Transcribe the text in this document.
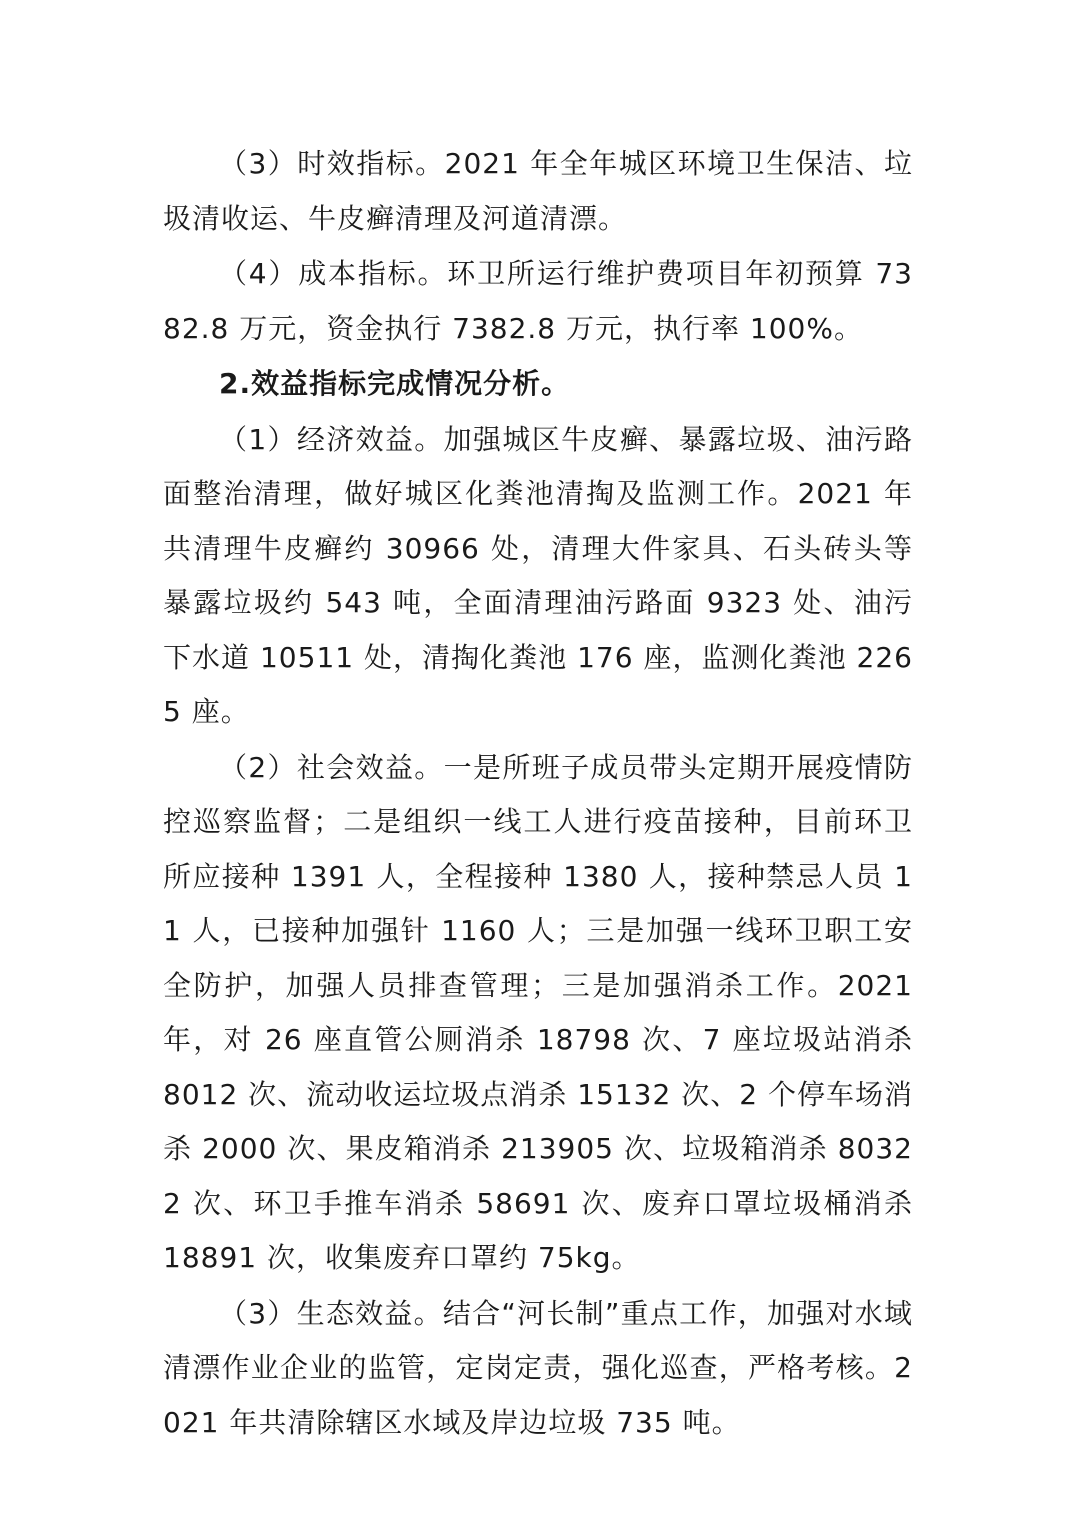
（3）时效指标。2021 年全年城区环境卫生保洁、垃圾清收运、牛皮癣清理及河道清漂。

（4）成本指标。环卫所运行维护费项目年初预算 7382.8 万元，资金执行 7382.8 万元，执行率 100%。

2.效益指标完成情况分析。

（1）经济效益。加强城区牛皮癣、暴露垃圾、油污路面整治清理，做好城区化粪池清掏及监测工作。2021 年共清理牛皮癣约 30966 处，清理大件家具、石头砖头等暴露垃圾约 543 吨，全面清理油污路面 9323 处、油污下水道 10511 处，清掏化粪池 176 座，监测化粪池 2265 座。

（2）社会效益。一是所班子成员带头定期开展疫情防控巡察监督；二是组织一线工人进行疫苗接种，目前环卫所应接种 1391 人，全程接种 1380 人，接种禁忌人员 11 人，已接种加强针 1160 人；三是加强一线环卫职工安全防护，加强人员排查管理；三是加强消杀工作。2021 年，对 26 座直管公厕消杀 18798 次、7 座垃圾站消杀 8012 次、流动收运垃圾点消杀 15132 次、2 个停车场消杀 2000 次、果皮箱消杀 213905 次、垃圾箱消杀 80322 次、环卫手推车消杀 58691 次、废弃口罩垃圾桶消杀 18891 次，收集废弃口罩约 75kg。

（3）生态效益。结合“河长制”重点工作，加强对水域清漂作业企业的监管，定岗定责，强化巡查，严格考核。2021 年共清除辖区水域及岸边垃圾 735 吨。
